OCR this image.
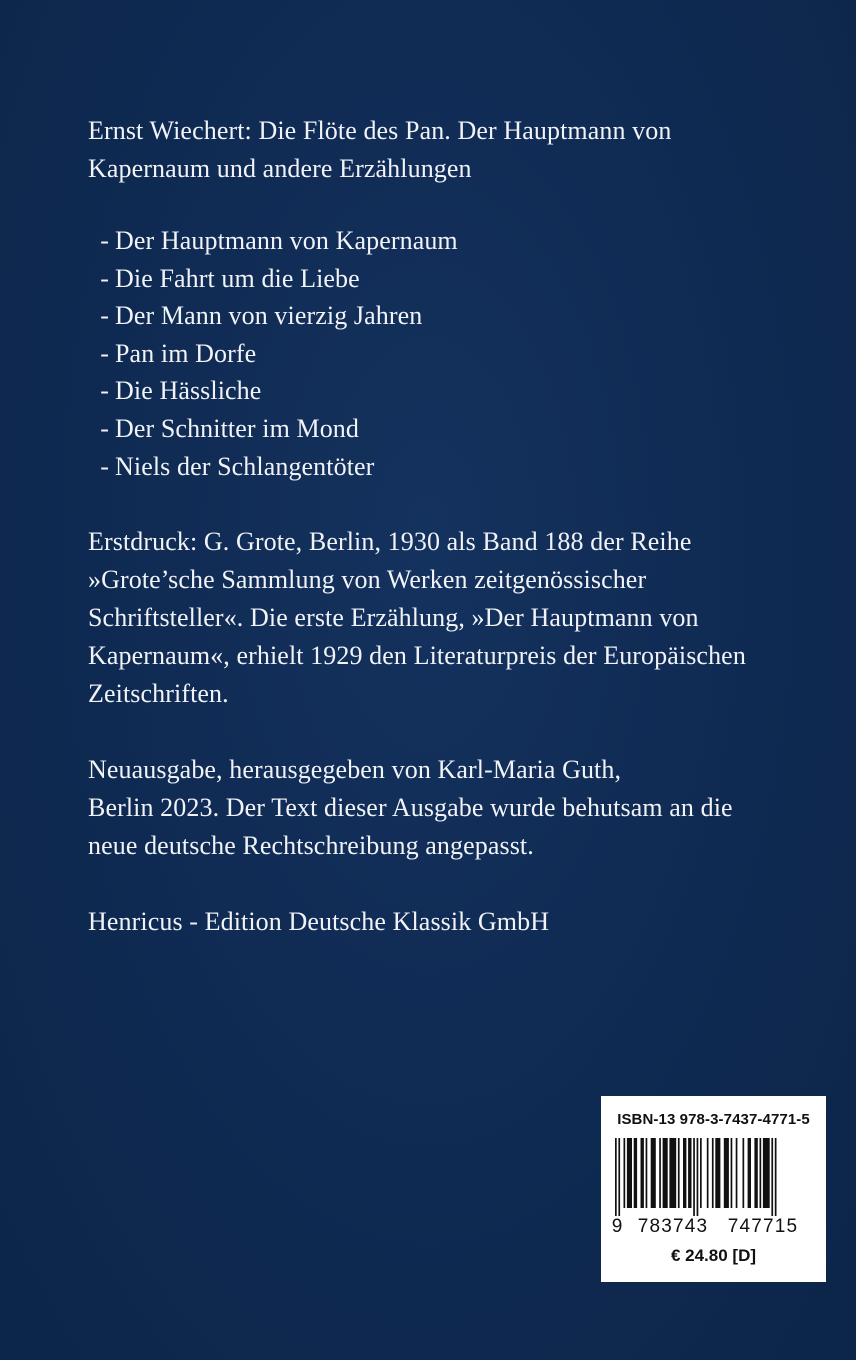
Ernst Wiechert: Die Flöte des Pan. Der Hauptmann von
Kapernaum und andere Erzählungen
- Der Hauptmann von Kapernaum
- Die Fahrt um die Liebe
- Der Mann von vierzig Jahren
- Pan im Dorfe
- Die Hässliche
- Der Schnitter im Mond
- Niels der Schlangentöter
Erstdruck: G. Grote, Berlin, 1930 als Band 188 der Reihe
»Grote’sche Sammlung von Werken zeitgenössischer
Schriftsteller«. Die erste Erzählung, »Der Hauptmann von
Kapernaum«, erhielt 1929 den Literaturpreis der Europäischen
Zeitschriften.
Neuausgabe, herausgegeben von Karl-Maria Guth,
Berlin 2023. Der Text dieser Ausgabe wurde behutsam an die
neue deutsche Rechtschreibung angepasst.
Henricus - Edition Deutsche Klassik GmbH
ISBN-13 978-3-7437-4771-5
9 783743 747715
€ 24.80 [D]
